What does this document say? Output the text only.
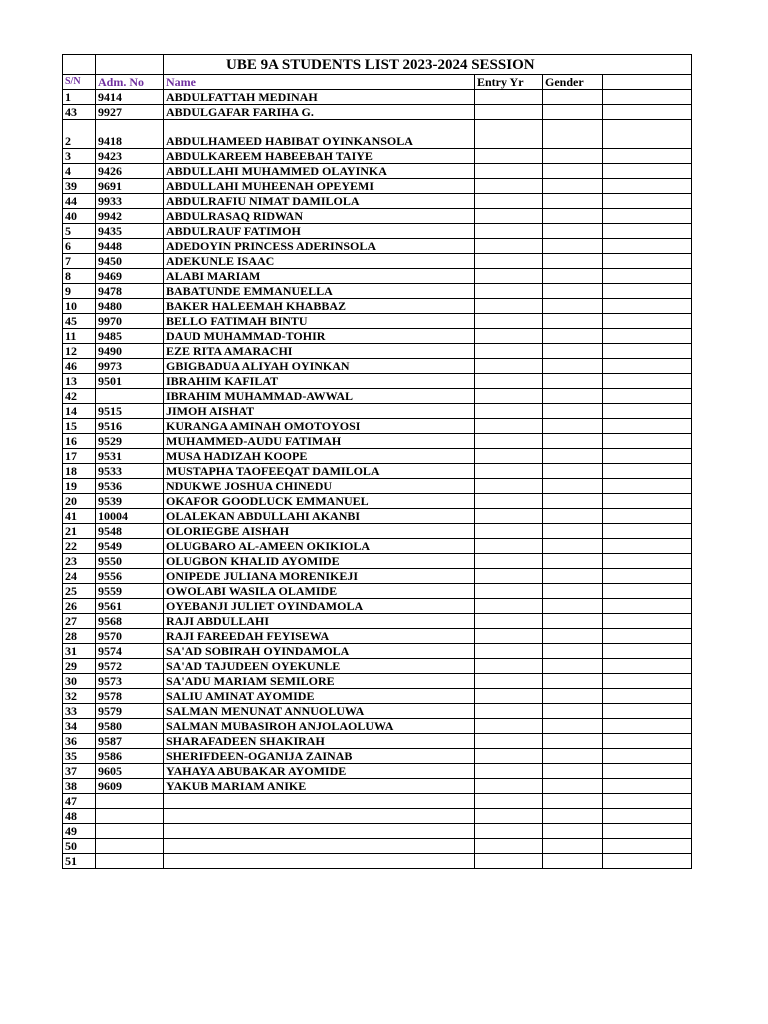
		UBE 9A STUDENTS LIST 2023-2024 SESSION			
S/N	Adm. No	Name	Entry Yr	Gender	
1	9414	ABDULFATTAH MEDINAH			
43	9927	ABDULGAFAR FARIHA G.			
2	9418	ABDULHAMEED HABIBAT OYINKANSOLA			
3	9423	ABDULKAREEM HABEEBAH TAIYE			
4	9426	ABDULLAHI MUHAMMED OLAYINKA			
39	9691	ABDULLAHI MUHEENAH OPEYEMI			
44	9933	ABDULRAFIU NIMAT DAMILOLA			
40	9942	ABDULRASAQ RIDWAN			
5	9435	ABDULRAUF FATIMOH			
6	9448	ADEDOYIN PRINCESS ADERINSOLA			
7	9450	ADEKUNLE ISAAC			
8	9469	ALABI MARIAM			
9	9478	BABATUNDE EMMANUELLA			
10	9480	BAKER HALEEMAH KHABBAZ			
45	9970	BELLO FATIMAH BINTU			
11	9485	DAUD MUHAMMAD-TOHIR			
12	9490	EZE RITA AMARACHI			
46	9973	GBIGBADUA ALIYAH OYINKAN			
13	9501	IBRAHIM KAFILAT			
42		IBRAHIM MUHAMMAD-AWWAL			
14	9515	JIMOH AISHAT			
15	9516	KURANGA AMINAH OMOTOYOSI			
16	9529	MUHAMMED-AUDU FATIMAH			
17	9531	MUSA HADIZAH KOOPE			
18	9533	MUSTAPHA TAOFEEQAT DAMILOLA			
19	9536	NDUKWE JOSHUA CHINEDU			
20	9539	OKAFOR GOODLUCK EMMANUEL			
41	10004	OLALEKAN ABDULLAHI AKANBI			
21	9548	OLORIEGBE AISHAH			
22	9549	OLUGBARO AL-AMEEN OKIKIOLA			
23	9550	OLUGBON KHALID AYOMIDE			
24	9556	ONIPEDE JULIANA MORENIKEJI			
25	9559	OWOLABI WASILA OLAMIDE			
26	9561	OYEBANJI JULIET OYINDAMOLA			
27	9568	RAJI ABDULLAHI			
28	9570	RAJI FAREEDAH FEYISEWA			
31	9574	SA'AD SOBIRAH OYINDAMOLA			
29	9572	SA'AD TAJUDEEN OYEKUNLE			
30	9573	SA'ADU MARIAM SEMILORE			
32	9578	SALIU AMINAT AYOMIDE			
33	9579	SALMAN MENUNAT ANNUOLUWA			
34	9580	SALMAN MUBASIROH ANJOLAOLUWA			
36	9587	SHARAFADEEN SHAKIRAH			
35	9586	SHERIFDEEN-OGANIJA ZAINAB			
37	9605	YAHAYA ABUBAKAR AYOMIDE			
38	9609	YAKUB MARIAM ANIKE			
47					
48					
49					
50					
51					
